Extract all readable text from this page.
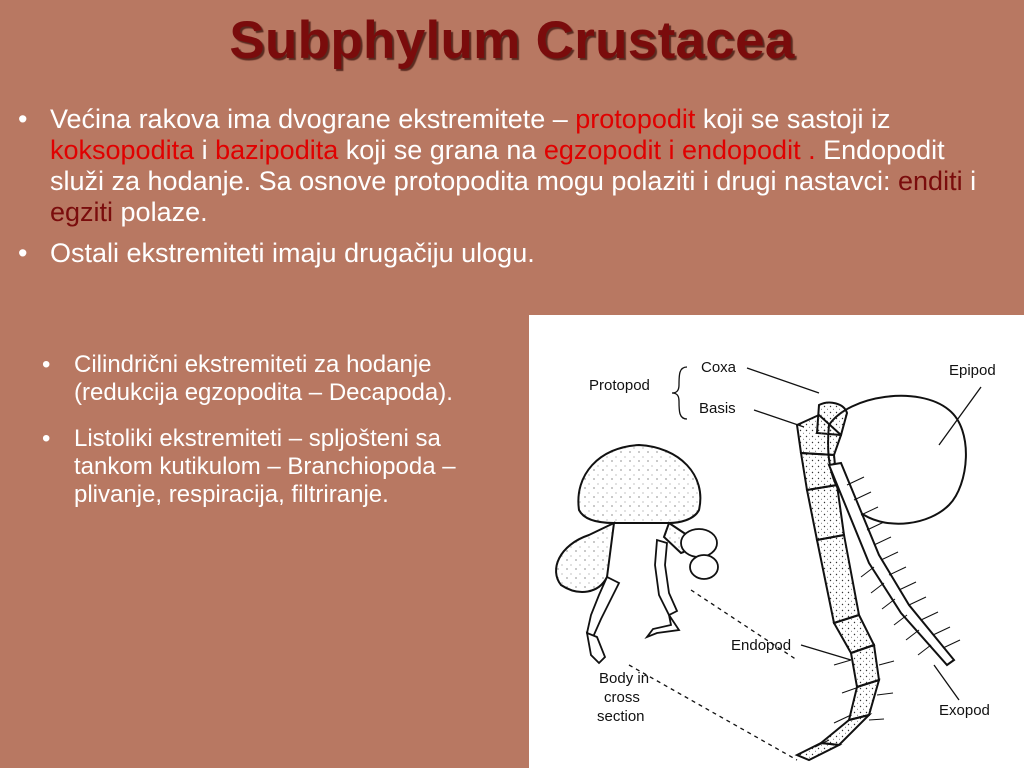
Subphylum Crustacea
• Većina rakova ima dvograne ekstremitete – protopodit koji se sastoji iz koksopodita i bazipodita koji se grana na egzopodit i endopodit . Endopodit služi za hodanje. Sa osnove protopodita mogu polaziti i drugi nastavci: enditi i egziti polaze.
• Ostali ekstremiteti imaju drugačiju ulogu.
• Cilindrični ekstremiteti za hodanje (redukcija egzopodita – Decapoda).
• Listoliki ekstremiteti – spljošteni sa tankom kutikulom – Branchiopoda – plivanje, respiracija, filtriranje.
Protopod
Coxa
Basis
Epipod
Endopod
Exopod
Body in
cross
section
